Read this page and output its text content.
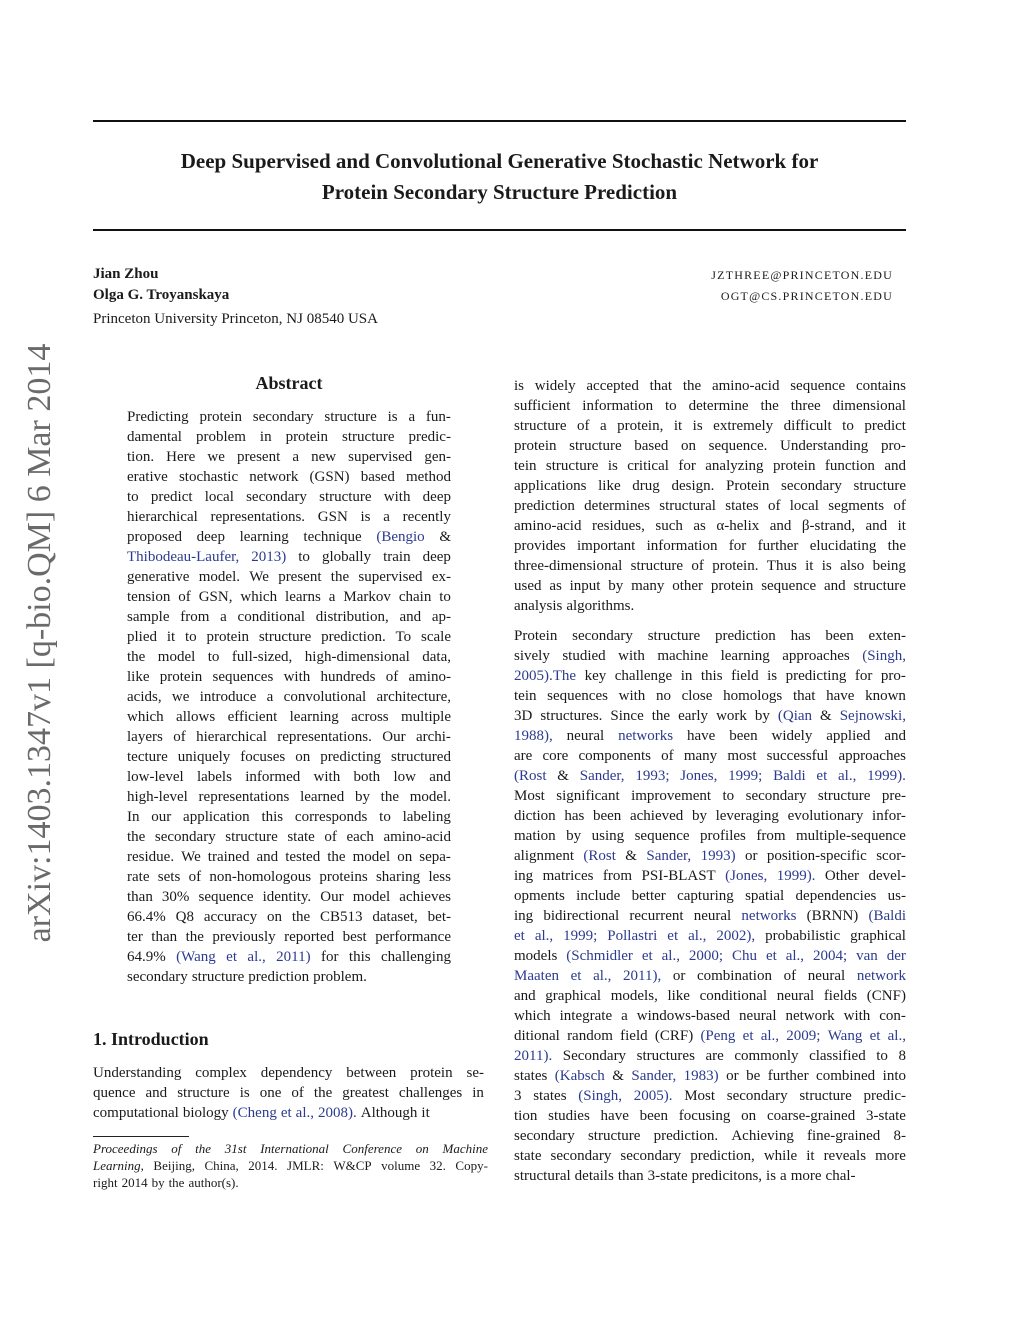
Deep Supervised and Convolutional Generative Stochastic Network for
Protein Secondary Structure Prediction
Jian Zhou	JZTHREE@PRINCETON.EDU
Olga G. Troyanskaya	OGT@CS.PRINCETON.EDU
Princeton University Princeton, NJ 08540 USA
arXiv:1403.1347v1 [q-bio.QM] 6 Mar 2014	Abstract
Predicting protein secondary structure is a fun-
damental problem in protein structure predic-
tion. Here we present a new supervised gen-
erative stochastic network (GSN) based method
to predict local secondary structure with deep
hierarchical representations. GSN is a recently
proposed deep learning technique (Bengio &
Thibodeau-Laufer, 2013) to globally train deep
generative model. We present the supervised ex-
tension of GSN, which learns a Markov chain to
sample from a conditional distribution, and ap-
plied it to protein structure prediction. To scale
the model to full-sized, high-dimensional data,
like protein sequences with hundreds of amino-
acids, we introduce a convolutional architecture,
which allows efficient learning across multiple
layers of hierarchical representations. Our archi-
tecture uniquely focuses on predicting structured
low-level labels informed with both low and
high-level representations learned by the model.
In our application this corresponds to labeling
the secondary structure state of each amino-acid
residue. We trained and tested the model on sepa-
rate sets of non-homologous proteins sharing less
than 30% sequence identity. Our model achieves
66.4% Q8 accuracy on the CB513 dataset, bet-
ter than the previously reported best performance
64.9% (Wang et al., 2011) for this challenging
secondary structure prediction problem.
1. Introduction
Understanding complex dependency between protein se-
quence and structure is one of the greatest challenges in
computational biology (Cheng et al., 2008). Although it
Proceedings of the 31st International Conference on Machine
Learning, Beijing, China, 2014. JMLR: W&CP volume 32. Copy-
right 2014 by the author(s).
is widely accepted that the amino-acid sequence contains
sufficient information to determine the three dimensional
structure of a protein, it is extremely difficult to predict
protein structure based on sequence. Understanding pro-
tein structure is critical for analyzing protein function and
applications like drug design. Protein secondary structure
prediction determines structural states of local segments of
amino-acid residues, such as α-helix and β-strand, and it
provides important information for further elucidating the
three-dimensional structure of protein. Thus it is also being
used as input by many other protein sequence and structure
analysis algorithms.
Protein secondary structure prediction has been exten-
sively studied with machine learning approaches (Singh,
2005).The key challenge in this field is predicting for pro-
tein sequences with no close homologs that have known
3D structures. Since the early work by (Qian & Sejnowski,
1988), neural networks have been widely applied and
are core components of many most successful approaches
(Rost & Sander, 1993; Jones, 1999; Baldi et al., 1999).
Most significant improvement to secondary structure pre-
diction has been achieved by leveraging evolutionary infor-
mation by using sequence profiles from multiple-sequence
alignment (Rost & Sander, 1993) or position-specific scor-
ing matrices from PSI-BLAST (Jones, 1999). Other devel-
opments include better capturing spatial dependencies us-
ing bidirectional recurrent neural networks (BRNN) (Baldi
et al., 1999; Pollastri et al., 2002), probabilistic graphical
models (Schmidler et al., 2000; Chu et al., 2004; van der
Maaten et al., 2011), or combination of neural network
and graphical models, like conditional neural fields (CNF)
which integrate a windows-based neural network with con-
ditional random field (CRF) (Peng et al., 2009; Wang et al.,
2011). Secondary structures are commonly classified to 8
states (Kabsch & Sander, 1983) or be further combined into
3 states (Singh, 2005). Most secondary structure predic-
tion studies have been focusing on coarse-grained 3-state
secondary structure prediction. Achieving fine-grained 8-
state secondary secondary prediction, while it reveals more
structural details than 3-state predicitons, is a more chal-
